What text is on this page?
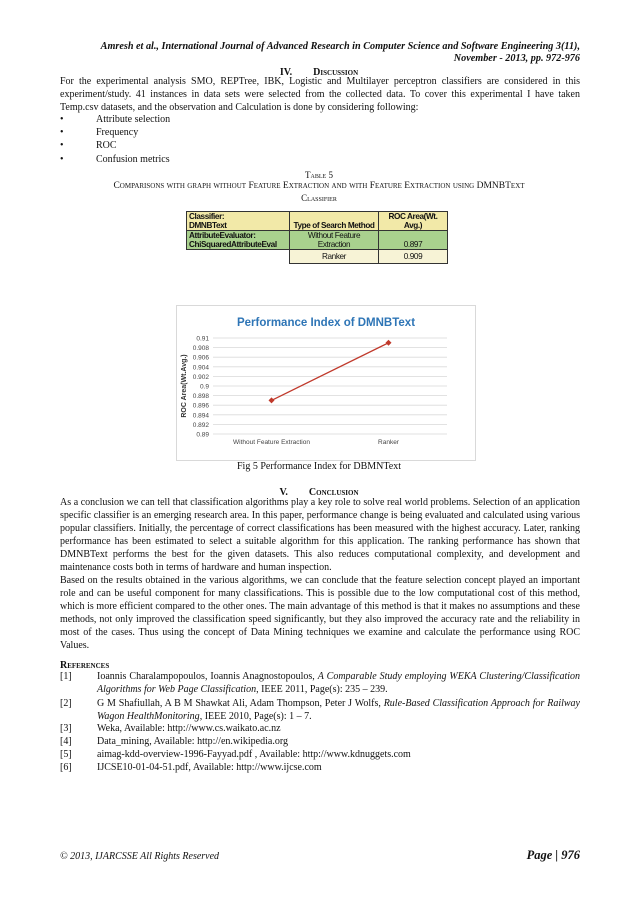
Amresh et al., International Journal of Advanced Research in Computer Science and Software Engineering 3(11),
November - 2013, pp. 972-976
IV. Discussion
For the experimental analysis SMO, REPTree, IBK, Logistic and Multilayer perceptron classifiers are considered in this experiment/study. 41 instances in data sets were selected from the collected data. To cover this experimental I have taken Temp.csv datasets, and the observation and Calculation is done by considering following:
•	Attribute selection
•	Frequency
•	ROC
•	Confusion metrics
Table 5
Comparisons with graph without Feature Extraction and with Feature Extraction using DMNBText
Classifier
Classifier:
DMNBText	Type of Search Method	ROC Area(Wt. Avg.)

AttributeEvaluator:
ChiSquaredAttributeEval	Without Feature Extraction	0.897
	Ranker	0.909
Performance Index of DMNBText
ROC Area(Wt.Avg.)
0.91
0.908
0.906
0.904
0.902
0.9
0.898
0.896
0.894
0.892
0.89
Without Feature Extraction	Ranker
Fig 5 Performance Index for DBMNText
V. Conclusion
As a conclusion we can tell that classification algorithms play a key role to solve real world problems. Selection of an application specific classifier is an emerging research area. In this paper, performance change is being evaluated and calculated using various popular classifiers. Initially, the percentage of correct classifications has been measured with the highest accuracy. Later, ranking performance has been estimated to select a suitable algorithm for this application. The ranking performance has shown that DMNBText performs the best for the given datasets. This also reduces computational complexity, and development and maintenance costs both in terms of hardware and human inspection.
Based on the results obtained in the various algorithms, we can conclude that the feature selection concept played an important role and can be useful component for many classifications. This is possible due to the low computational cost of this method, which is more efficient compared to the other ones. The main advantage of this method is that it makes no assumptions and these methods, not only improved the classification speed significantly, but they also improved the accuracy rate and the reliability in most of the cases. Thus using the concept of Data Mining techniques we examine and calculate the performance using ROC Values.
References
[1]	Ioannis Charalampopoulos, Ioannis Anagnostopoulos, A Comparable Study employing WEKA Clustering/Classification Algorithms for Web Page Classification, IEEE 2011, Page(s): 235 – 239.
[2]	G M Shafiullah, A B M Shawkat Ali, Adam Thompson, Peter J Wolfs, Rule-Based Classification Approach for Railway Wagon HealthMonitoring, IEEE 2010, Page(s): 1 – 7.
[3]	Weka, Available: http://www.cs.waikato.ac.nz
[4]	Data_mining, Available: http://en.wikipedia.org
[5]	aimag-kdd-overview-1996-Fayyad.pdf , Available: http://www.kdnuggets.com
[6]	IJCSE10-01-04-51.pdf, Available: http://www.ijcse.com
© 2013, IJARCSSE All Rights Reserved	Page | 976
